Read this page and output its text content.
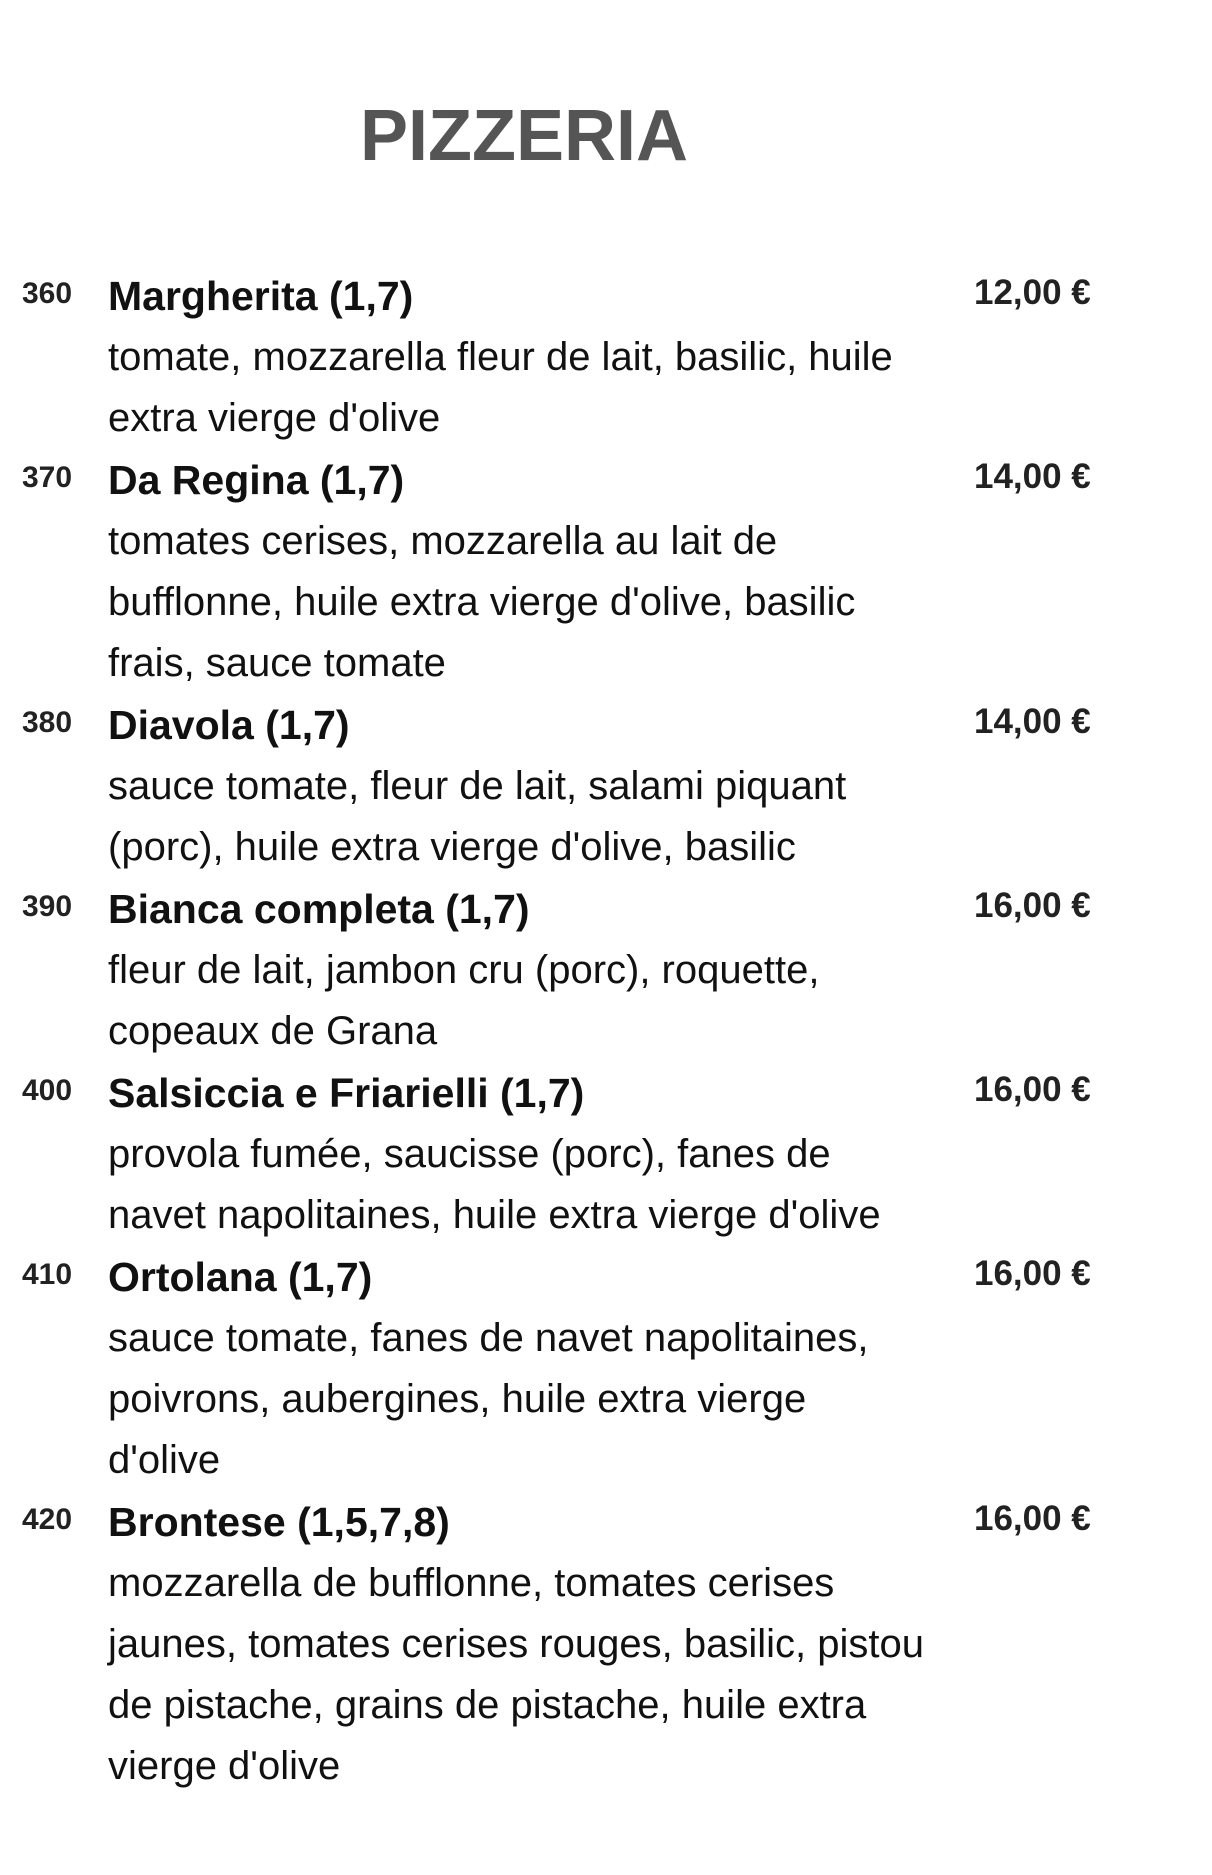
PIZZERIA
360 Margherita (1,7)	12,00 €
tomate, mozzarella fleur de lait, basilic, huile extra vierge d'olive
370 Da Regina (1,7)	14,00 €
tomates cerises, mozzarella au lait de bufflonne, huile extra vierge d'olive, basilic frais, sauce tomate
380 Diavola (1,7)	14,00 €
sauce tomate, fleur de lait, salami piquant (porc), huile extra vierge d'olive, basilic
390 Bianca completa (1,7)	16,00 €
fleur de lait, jambon cru (porc), roquette, copeaux de Grana
400 Salsiccia e Friarielli (1,7)	16,00 €
provola fumée, saucisse (porc), fanes de navet napolitaines, huile extra vierge d'olive
410 Ortolana (1,7)	16,00 €
sauce tomate, fanes de navet napolitaines, poivrons, aubergines, huile extra vierge d'olive
420 Brontese (1,5,7,8)	16,00 €
mozzarella de bufflonne, tomates cerises jaunes, tomates cerises rouges, basilic, pistou de pistache, grains de pistache, huile extra vierge d'olive
